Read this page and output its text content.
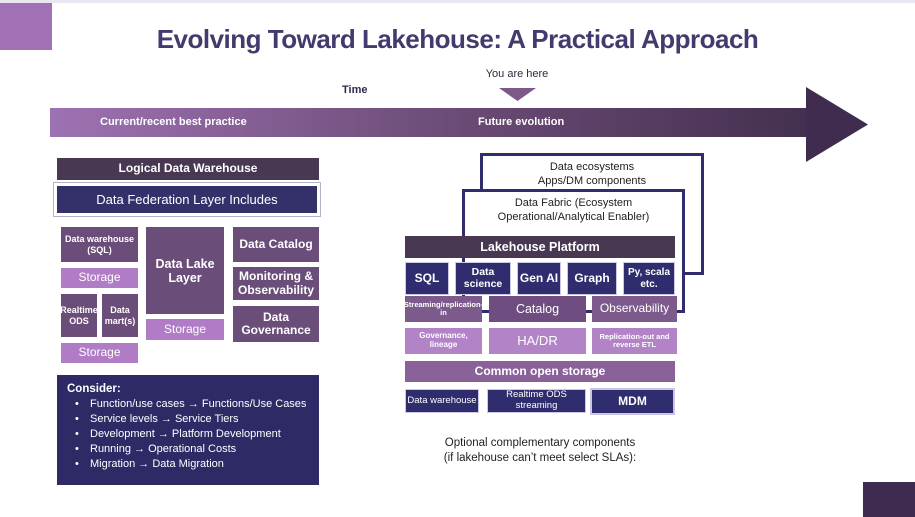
Evolving Toward Lakehouse: A Practical Approach
You are here
Time
Current/recent best practice	Future evolution
Logical Data Warehouse
Data Federation Layer Includes
Data warehouse (SQL)
Storage
Realtime ODS
Data mart(s)
Storage
Data Lake Layer
Storage
Data Catalog
Monitoring & Observability
Data Governance
Consider:
•	Function/use cases → Functions/Use Cases
•	Service levels → Service Tiers
•	Development → Platform Development
•	Running → Operational Costs
•	Migration → Data Migration
Data ecosystems
Apps/DM components
Data Fabric (Ecosystem
Operational/Analytical Enabler)
Lakehouse Platform
SQL	Data science	Gen AI	Graph	Py, scala etc.
Streaming/replication-in	Catalog	Observability
Governance, lineage	HA/DR	Replication-out and reverse ETL
Common open storage
Data warehouse	Realtime ODS streaming	MDM
Optional complementary components
(if lakehouse can’t meet select SLAs):
